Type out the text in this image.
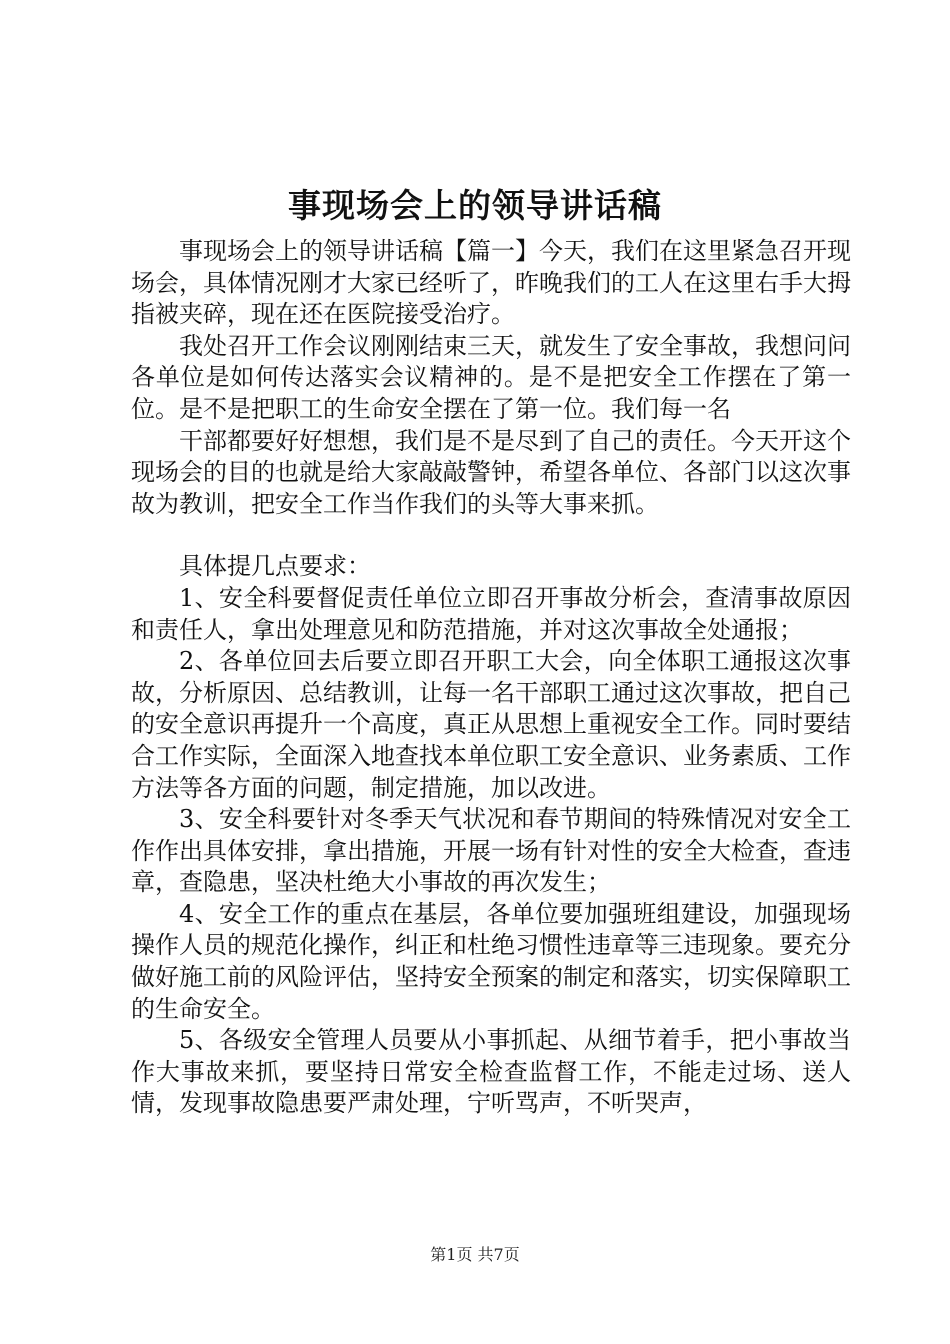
事现场会上的领导讲话稿

事现场会上的领导讲话稿【篇一】今天，我们在这里紧急召开现场会，具体情况刚才大家已经听了，昨晚我们的工人在这里右手大拇指被夹碎，现在还在医院接受治疗。

我处召开工作会议刚刚结束三天，就发生了安全事故，我想问问各单位是如何传达落实会议精神的。是不是把安全工作摆在了第一位。是不是把职工的生命安全摆在了第一位。我们每一名

干部都要好好想想，我们是不是尽到了自己的责任。今天开这个现场会的目的也就是给大家敲敲警钟，希望各单位、各部门以这次事故为教训，把安全工作当作我们的头等大事来抓。

具体提几点要求：

1、安全科要督促责任单位立即召开事故分析会，查清事故原因和责任人，拿出处理意见和防范措施，并对这次事故全处通报；

2、各单位回去后要立即召开职工大会，向全体职工通报这次事故，分析原因、总结教训，让每一名干部职工通过这次事故，把自己的安全意识再提升一个高度，真正从思想上重视安全工作。同时要结合工作实际，全面深入地查找本单位职工安全意识、业务素质、工作方法等各方面的问题，制定措施，加以改进。

3、安全科要针对冬季天气状况和春节期间的特殊情况对安全工作作出具体安排，拿出措施，开展一场有针对性的安全大检查，查违章，查隐患，坚决杜绝大小事故的再次发生；

4、安全工作的重点在基层，各单位要加强班组建设，加强现场操作人员的规范化操作，纠正和杜绝习惯性违章等三违现象。要充分做好施工前的风险评估，坚持安全预案的制定和落实，切实保障职工的生命安全。

5、各级安全管理人员要从小事抓起、从细节着手，把小事故当作大事故来抓，要坚持日常安全检查监督工作，不能走过场、送人情，发现事故隐患要严肃处理，宁听骂声，不听哭声，

第1页 共7页
